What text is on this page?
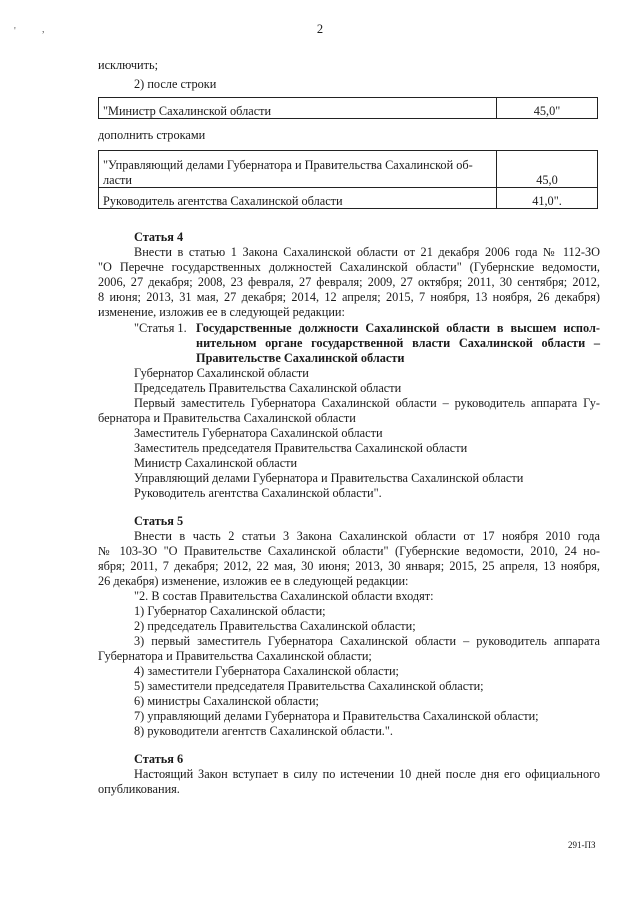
'	,	2
исключить;
2) после строки
"Министр Сахалинской области	45,0"
дополнить строками
"Управляющий делами Губернатора и Правительства Сахалинской об-
ласти	45,0
Руководитель агентства Сахалинской области	41,0".
Статья 4
Внести в статью 1 Закона Сахалинской области от 21 декабря 2006 года № 112-ЗО
"О Перечне государственных должностей Сахалинской области" (Губернские ведомости,
2006, 27 декабря; 2008, 23 февраля, 27 февраля; 2009, 27 октября; 2011, 30 сентября; 2012,
8 июня; 2013, 31 мая, 27 декабря; 2014, 12 апреля; 2015, 7 ноября, 13 ноября, 26 декабря)
изменение, изложив ее в следующей редакции:
"Статья 1. Государственные должности Сахалинской области в высшем испол-
нительном органе государственной власти Сахалинской области –
Правительстве Сахалинской области
Губернатор Сахалинской области
Председатель Правительства Сахалинской области
Первый заместитель Губернатора Сахалинской области – руководитель аппарата Гу-
бернатора и Правительства Сахалинской области
Заместитель Губернатора Сахалинской области
Заместитель председателя Правительства Сахалинской области
Министр Сахалинской области
Управляющий делами Губернатора и Правительства Сахалинской области
Руководитель агентства Сахалинской области".
Статья 5
Внести в часть 2 статьи 3 Закона Сахалинской области от 17 ноября 2010 года
№ 103-ЗО "О Правительстве Сахалинской области" (Губернские ведомости, 2010, 24 но-
ября; 2011, 7 декабря; 2012, 22 мая, 30 июня; 2013, 30 января; 2015, 25 апреля, 13 ноября,
26 декабря) изменение, изложив ее в следующей редакции:
"2. В состав Правительства Сахалинской области входят:
1) Губернатор Сахалинской области;
2) председатель Правительства Сахалинской области;
3) первый заместитель Губернатора Сахалинской области – руководитель аппарата
Губернатора и Правительства Сахалинской области;
4) заместители Губернатора Сахалинской области;
5) заместители председателя Правительства Сахалинской области;
6) министры Сахалинской области;
7) управляющий делами Губернатора и Правительства Сахалинской области;
8) руководители агентств Сахалинской области.".
Статья 6
Настоящий Закон вступает в силу по истечении 10 дней после дня его официального
опубликования.
291-ПЗ
